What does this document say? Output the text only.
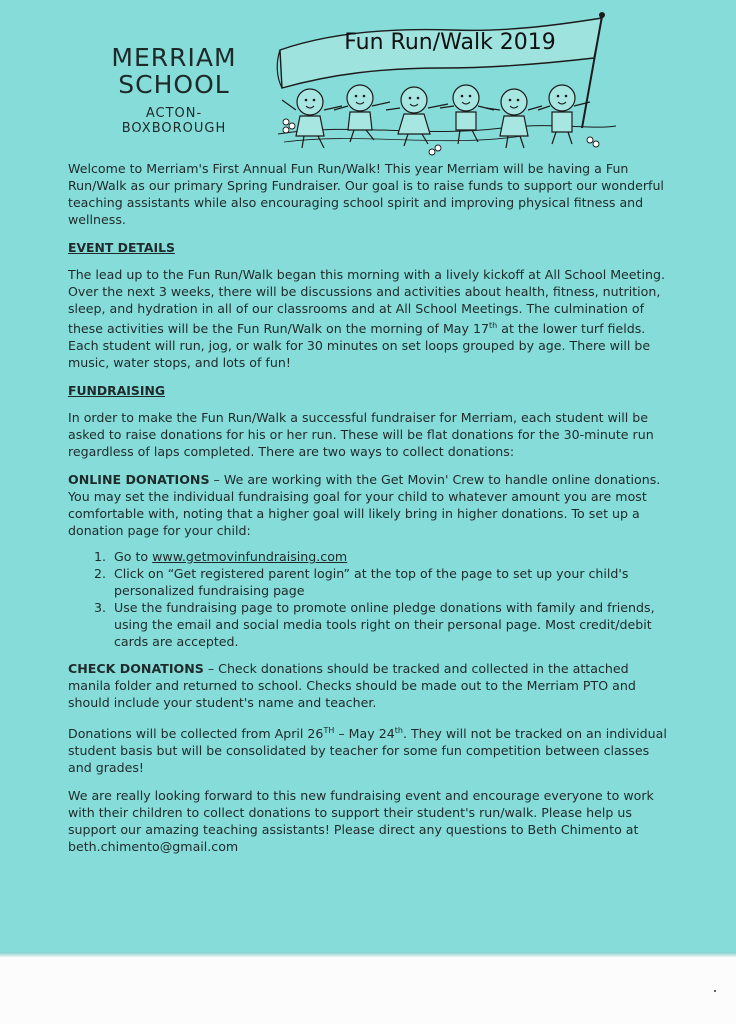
MERRIAM
SCHOOL
ACTON-BOXBOROUGH
Fun Run/Walk 2019

Welcome to Merriam's First Annual Fun Run/Walk! This year Merriam will be having a Fun Run/Walk as our primary Spring Fundraiser. Our goal is to raise funds to support our wonderful teaching assistants while also encouraging school spirit and improving physical fitness and wellness.

EVENT DETAILS

The lead up to the Fun Run/Walk began this morning with a lively kickoff at All School Meeting. Over the next 3 weeks, there will be discussions and activities about health, fitness, nutrition, sleep, and hydration in all of our classrooms and at All School Meetings. The culmination of these activities will be the Fun Run/Walk on the morning of May 17th at the lower turf fields. Each student will run, jog, or walk for 30 minutes on set loops grouped by age. There will be music, water stops, and lots of fun!

FUNDRAISING

In order to make the Fun Run/Walk a successful fundraiser for Merriam, each student will be asked to raise donations for his or her run. These will be flat donations for the 30-minute run regardless of laps completed. There are two ways to collect donations:

ONLINE DONATIONS – We are working with the Get Movin' Crew to handle online donations. You may set the individual fundraising goal for your child to whatever amount you are most comfortable with, noting that a higher goal will likely bring in higher donations. To set up a donation page for your child:

1. Go to www.getmovinfundraising.com
2. Click on “Get registered parent login” at the top of the page to set up your child's personalized fundraising page
3. Use the fundraising page to promote online pledge donations with family and friends, using the email and social media tools right on their personal page. Most credit/debit cards are accepted.

CHECK DONATIONS – Check donations should be tracked and collected in the attached manila folder and returned to school. Checks should be made out to the Merriam PTO and should include your student's name and teacher.

Donations will be collected from April 26TH – May 24th. They will not be tracked on an individual student basis but will be consolidated by teacher for some fun competition between classes and grades!

We are really looking forward to this new fundraising event and encourage everyone to work with their children to collect donations to support their student's run/walk. Please help us support our amazing teaching assistants! Please direct any questions to Beth Chimento at beth.chimento@gmail.com
